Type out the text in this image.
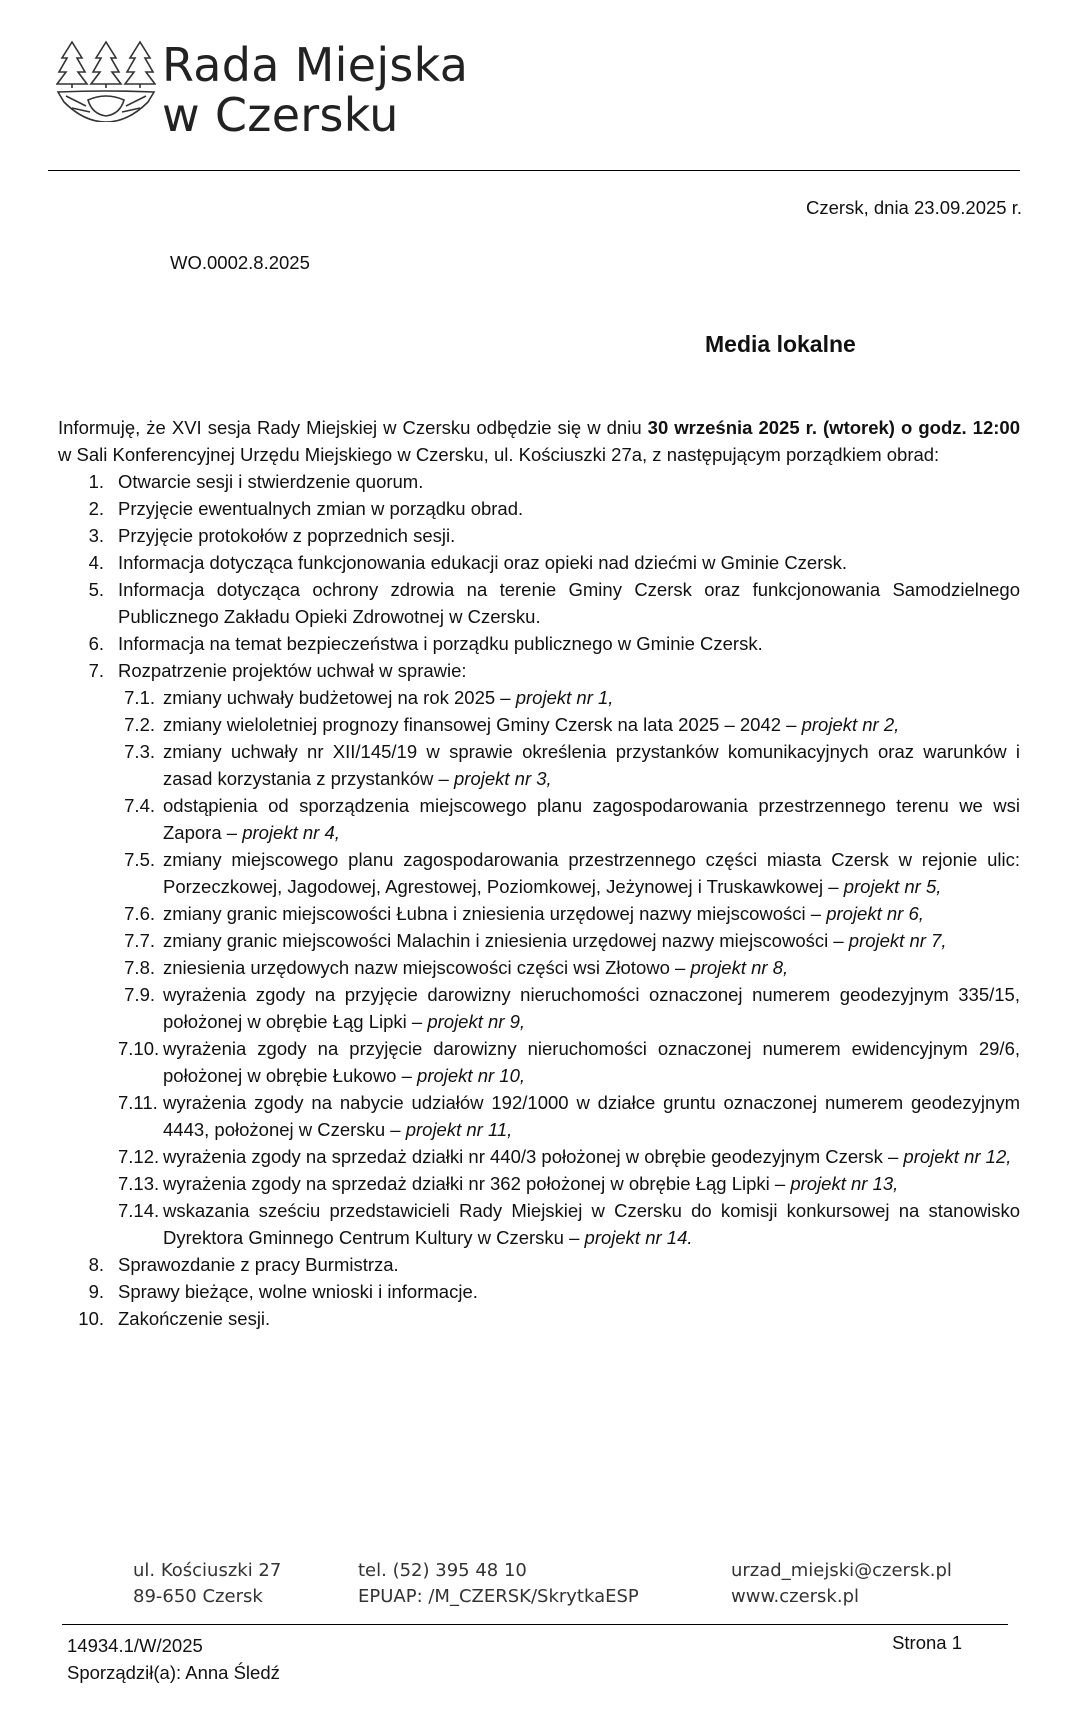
Rada Miejska
w Czersku
Czersk, dnia 23.09.2025 r.
WO.0002.8.2025
Media lokalne

Informuję, że XVI sesja Rady Miejskiej w Czersku odbędzie się w dniu 30 września 2025 r. (wtorek) o godz. 12:00 w Sali Konferencyjnej Urzędu Miejskiego w Czersku, ul. Kościuszki 27a, z następującym porządkiem obrad:

1. Otwarcie sesji i stwierdzenie quorum.
2. Przyjęcie ewentualnych zmian w porządku obrad.
3. Przyjęcie protokołów z poprzednich sesji.
4. Informacja dotycząca funkcjonowania edukacji oraz opieki nad dziećmi w Gminie Czersk.
5. Informacja dotycząca ochrony zdrowia na terenie Gminy Czersk oraz funkcjonowania Samodzielnego Publicznego Zakładu Opieki Zdrowotnej w Czersku.
6. Informacja na temat bezpieczeństwa i porządku publicznego w Gminie Czersk.
7. Rozpatrzenie projektów uchwał w sprawie:
7.1. zmiany uchwały budżetowej na rok 2025 – projekt nr 1,
7.2. zmiany wieloletniej prognozy finansowej Gminy Czersk na lata 2025 – 2042 – projekt nr 2,
7.3. zmiany uchwały nr XII/145/19 w sprawie określenia przystanków komunikacyjnych oraz warunków i zasad korzystania z przystanków – projekt nr 3,
7.4. odstąpienia od sporządzenia miejscowego planu zagospodarowania przestrzennego terenu we wsi Zapora – projekt nr 4,
7.5. zmiany miejscowego planu zagospodarowania przestrzennego części miasta Czersk w rejonie ulic: Porzeczkowej, Jagodowej, Agrestowej, Poziomkowej, Jeżynowej i Truskawkowej – projekt nr 5,
7.6. zmiany granic miejscowości Łubna i zniesienia urzędowej nazwy miejscowości – projekt nr 6,
7.7. zmiany granic miejscowości Malachin i zniesienia urzędowej nazwy miejscowości – projekt nr 7,
7.8. zniesienia urzędowych nazw miejscowości części wsi Złotowo – projekt nr 8,
7.9. wyrażenia zgody na przyjęcie darowizny nieruchomości oznaczonej numerem geodezyjnym 335/15, położonej w obrębie Łąg Lipki – projekt nr 9,
7.10. wyrażenia zgody na przyjęcie darowizny nieruchomości oznaczonej numerem ewidencyjnym 29/6, położonej w obrębie Łukowo – projekt nr 10,
7.11. wyrażenia zgody na nabycie udziałów 192/1000 w działce gruntu oznaczonej numerem geodezyjnym 4443, położonej w Czersku – projekt nr 11,
7.12. wyrażenia zgody na sprzedaż działki nr 440/3 położonej w obrębie geodezyjnym Czersk – projekt nr 12,
7.13. wyrażenia zgody na sprzedaż działki nr 362 położonej w obrębie Łąg Lipki – projekt nr 13,
7.14. wskazania sześciu przedstawicieli Rady Miejskiej w Czersku do komisji konkursowej na stanowisko Dyrektora Gminnego Centrum Kultury w Czersku – projekt nr 14.
8. Sprawozdanie z pracy Burmistrza.
9. Sprawy bieżące, wolne wnioski i informacje.
10. Zakończenie sesji.
ul. Kościuszki 27
89-650 Czersk
tel. (52) 395 48 10
EPUAP: /M_CZERSK/SkrytkaESP
urzad_miejski@czersk.pl
www.czersk.pl
14934.1/W/2025
Sporządził(a): Anna Śledź
Strona 1
